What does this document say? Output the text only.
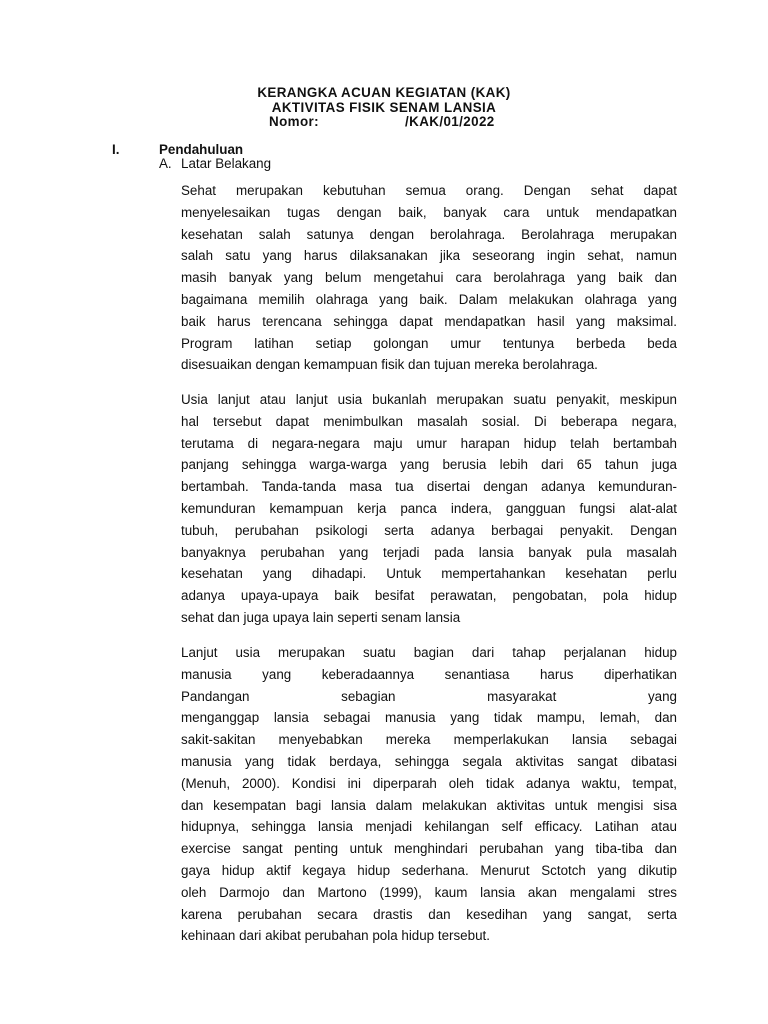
KERANGKA ACUAN KEGIATAN (KAK)
AKTIVITAS FISIK SENAM LANSIA
Nomor:	/KAK/01/2022
I.	Pendahuluan
A. Latar Belakang
Sehat merupakan kebutuhan semua orang. Dengan sehat dapat
menyelesaikan tugas dengan baik, banyak cara untuk mendapatkan
kesehatan salah satunya dengan berolahraga. Berolahraga merupakan
salah satu yang harus dilaksanakan jika seseorang ingin sehat, namun
masih banyak yang belum mengetahui cara berolahraga yang baik dan
bagaimana memilih olahraga yang baik. Dalam melakukan olahraga yang
baik harus terencana sehingga dapat mendapatkan hasil yang maksimal.
Program latihan setiap golongan umur tentunya berbeda beda
disesuaikan dengan kemampuan fisik dan tujuan mereka berolahraga.
Usia lanjut atau lanjut usia bukanlah merupakan suatu penyakit, meskipun
hal tersebut dapat menimbulkan masalah sosial. Di beberapa negara,
terutama di negara-negara maju umur harapan hidup telah bertambah
panjang sehingga warga-warga yang berusia lebih dari 65 tahun juga
bertambah. Tanda-tanda masa tua disertai dengan adanya kemunduran-
kemunduran kemampuan kerja panca indera, gangguan fungsi alat-alat
tubuh, perubahan psikologi serta adanya berbagai penyakit. Dengan
banyaknya perubahan yang terjadi pada lansia banyak pula masalah
kesehatan yang dihadapi. Untuk mempertahankan kesehatan perlu
adanya upaya-upaya baik besifat perawatan, pengobatan, pola hidup
sehat dan juga upaya lain seperti senam lansia
Lanjut usia merupakan suatu bagian dari tahap perjalanan hidup
manusia yang keberadaannya senantiasa harus diperhatikan
Pandangan sebagian masyarakat yang
menganggap lansia sebagai manusia yang tidak mampu, lemah, dan
sakit-sakitan menyebabkan mereka memperlakukan lansia sebagai
manusia yang tidak berdaya, sehingga segala aktivitas sangat dibatasi
(Menuh, 2000). Kondisi ini diperparah oleh tidak adanya waktu, tempat,
dan kesempatan bagi lansia dalam melakukan aktivitas untuk mengisi sisa
hidupnya, sehingga lansia menjadi kehilangan self efficacy. Latihan atau
exercise sangat penting untuk menghindari perubahan yang tiba-tiba dan
gaya hidup aktif kegaya hidup sederhana. Menurut Sctotch yang dikutip
oleh Darmojo dan Martono (1999), kaum lansia akan mengalami stres
karena perubahan secara drastis dan kesedihan yang sangat, serta
kehinaan dari akibat perubahan pola hidup tersebut.
